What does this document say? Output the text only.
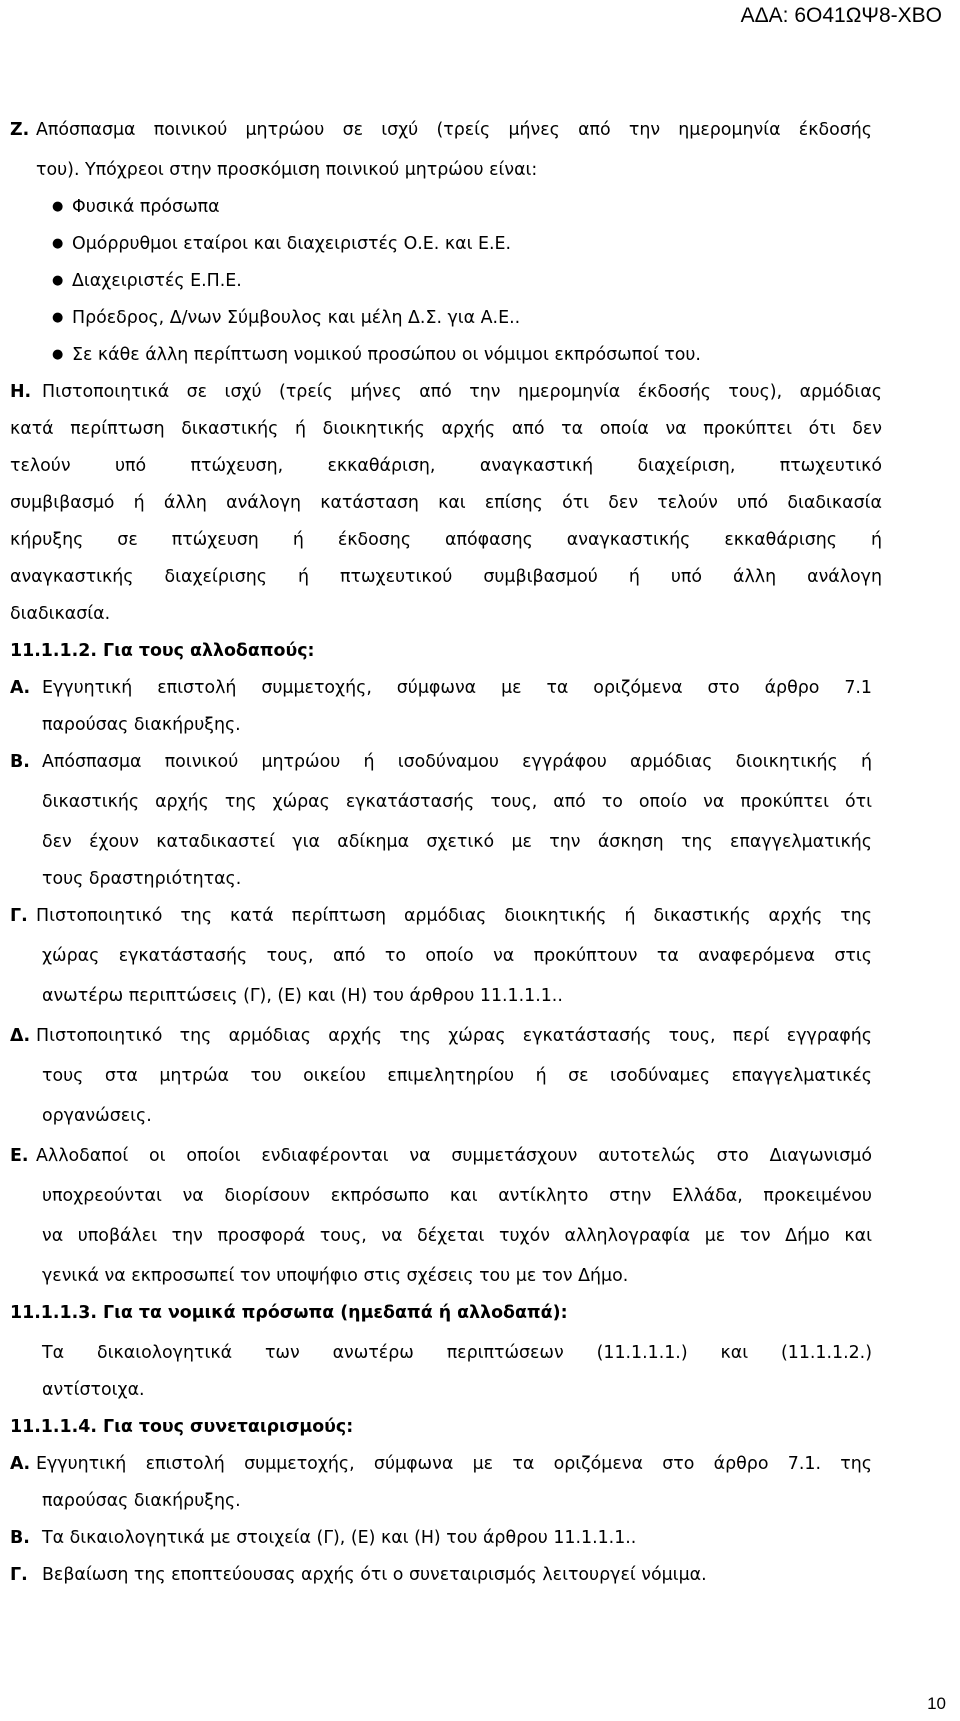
ΑΔΑ: 6Ο41ΩΨ8-ΧΒΟ
Ζ. Απόσπασμα ποινικού μητρώου σε ισχύ (τρείς μήνες από την ημερομηνία έκδοσής
του). Υπόχρεοι στην προσκόμιση ποινικού μητρώου είναι:
● Φυσικά πρόσωπα
● Ομόρρυθμοι εταίροι και διαχειριστές Ο.Ε. και Ε.Ε.
● Διαχειριστές Ε.Π.Ε.
● Πρόεδρος, Δ/νων Σύμβουλος και μέλη Δ.Σ. για Α.Ε..
● Σε κάθε άλλη περίπτωση νομικού προσώπου οι νόμιμοι εκπρόσωποί του.
Η. Πιστοποιητικά σε ισχύ (τρείς μήνες από την ημερομηνία έκδοσής τους), αρμόδιας
κατά περίπτωση δικαστικής ή διοικητικής αρχής από τα οποία να προκύπτει ότι δεν
τελούν υπό πτώχευση, εκκαθάριση, αναγκαστική διαχείριση, πτωχευτικό
συμβιβασμό ή άλλη ανάλογη κατάσταση και επίσης ότι δεν τελούν υπό διαδικασία
κήρυξης σε πτώχευση ή έκδοσης απόφασης αναγκαστικής εκκαθάρισης ή
αναγκαστικής διαχείρισης ή πτωχευτικού συμβιβασμού ή υπό άλλη ανάλογη
διαδικασία.
11.1.1.2. Για τους αλλοδαπούς:
Α. Εγγυητική επιστολή συμμετοχής, σύμφωνα με τα οριζόμενα στο άρθρο 7.1
παρούσας διακήρυξης.
Β. Απόσπασμα ποινικού μητρώου ή ισοδύναμου εγγράφου αρμόδιας διοικητικής ή
δικαστικής αρχής της χώρας εγκατάστασής τους, από το οποίο να προκύπτει ότι
δεν έχουν καταδικαστεί για αδίκημα σχετικό με την άσκηση της επαγγελματικής
τους δραστηριότητας.
Γ. Πιστοποιητικό της κατά περίπτωση αρμόδιας διοικητικής ή δικαστικής αρχής της
χώρας εγκατάστασής τους, από το οποίο να προκύπτουν τα αναφερόμενα στις
ανωτέρω περιπτώσεις (Γ), (Ε) και (Η) του άρθρου 11.1.1.1..
Δ. Πιστοποιητικό της αρμόδιας αρχής της χώρας εγκατάστασής τους, περί εγγραφής
τους στα μητρώα του οικείου επιμελητηρίου ή σε ισοδύναμες επαγγελματικές
οργανώσεις.
Ε. Αλλοδαποί οι οποίοι ενδιαφέρονται να συμμετάσχουν αυτοτελώς στο Διαγωνισμό
υποχρεούνται να διορίσουν εκπρόσωπο και αντίκλητο στην Ελλάδα, προκειμένου
να υποβάλει την προσφορά τους, να δέχεται τυχόν αλληλογραφία με τον Δήμο και
γενικά να εκπροσωπεί τον υποψήφιο στις σχέσεις του με τον Δήμο.
11.1.1.3. Για τα νομικά πρόσωπα (ημεδαπά ή αλλοδαπά):
Τα δικαιολογητικά των ανωτέρω περιπτώσεων (11.1.1.1.) και (11.1.1.2.)
αντίστοιχα.
11.1.1.4. Για τους συνεταιρισμούς:
Α. Εγγυητική επιστολή συμμετοχής, σύμφωνα με τα οριζόμενα στο άρθρο 7.1. της
παρούσας διακήρυξης.
Β. Τα δικαιολογητικά με στοιχεία (Γ), (Ε) και (Η) του άρθρου 11.1.1.1..
Γ. Βεβαίωση της εποπτεύουσας αρχής ότι ο συνεταιρισμός λειτουργεί νόμιμα.
10
